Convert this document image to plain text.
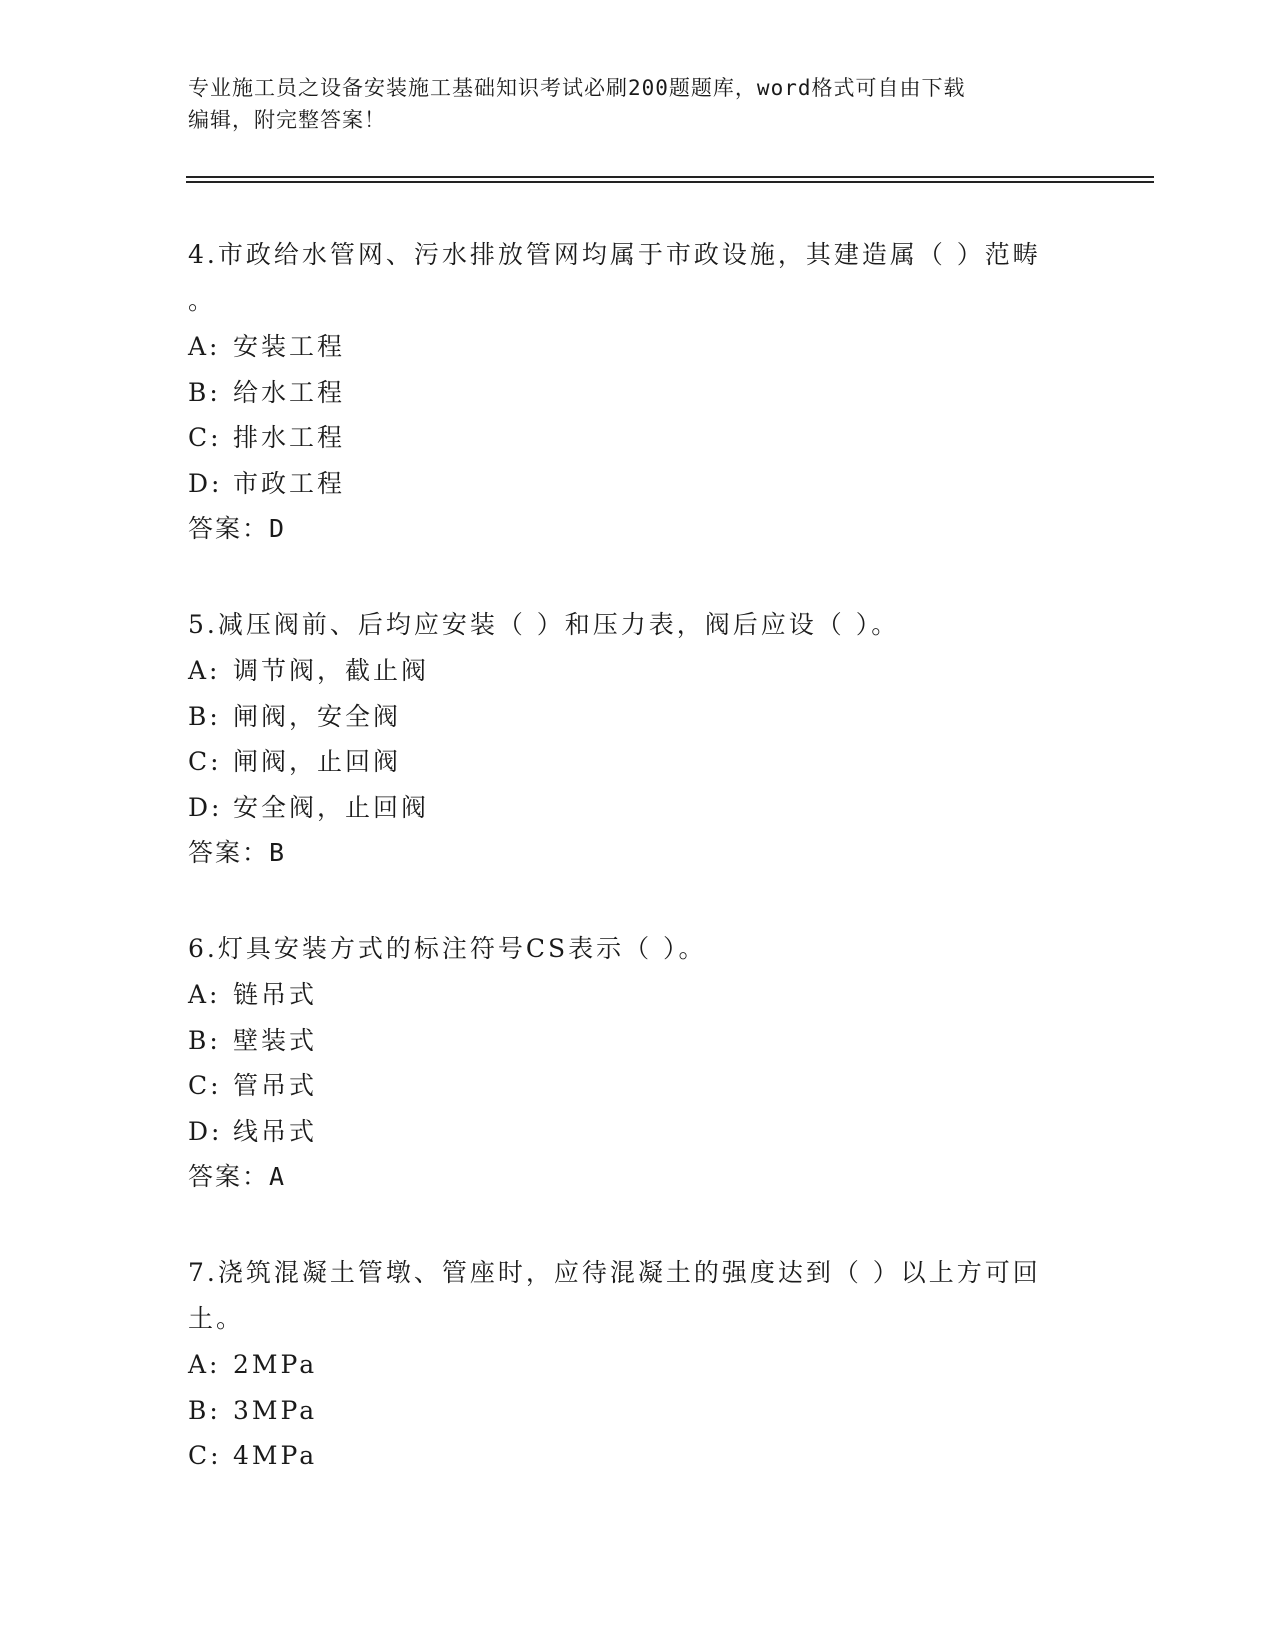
专业施工员之设备安装施工基础知识考试必刷200题题库，word格式可自由下载
编辑，附完整答案！
4.市政给水管网、污水排放管网均属于市政设施，其建造属（ ）范畴
。
A: 安装工程
B: 给水工程
C: 排水工程
D: 市政工程
答案：D
5.减压阀前、后均应安装（ ）和压力表，阀后应设（ ）。
A: 调节阀，截止阀
B: 闸阀，安全阀
C: 闸阀，止回阀
D: 安全阀，止回阀
答案：B
6.灯具安装方式的标注符号CS表示（ ）。
A: 链吊式
B: 壁装式
C: 管吊式
D: 线吊式
答案：A
7.浇筑混凝土管墩、管座时，应待混凝土的强度达到（ ）以上方可回
土。
A: 2MPa
B: 3MPa
C: 4MPa
